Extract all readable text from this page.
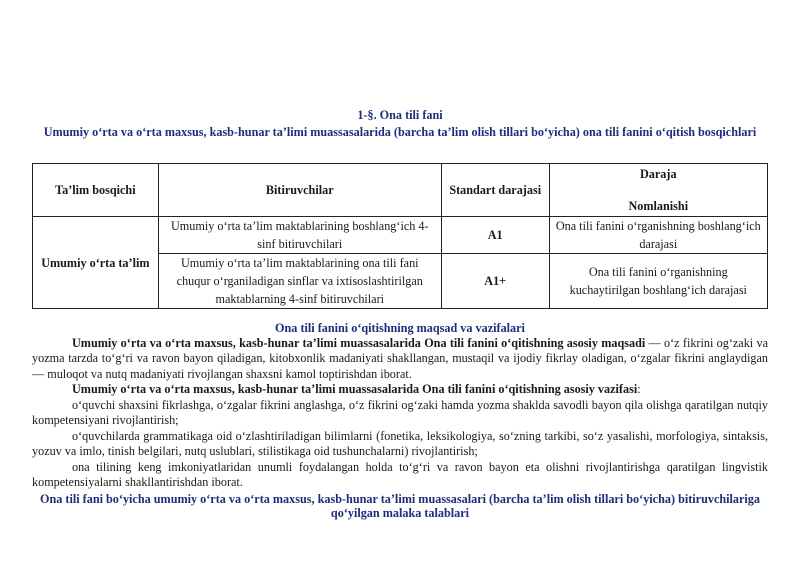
1-§. Ona tili fani
Umumiy o‘rta va o‘rta maxsus, kasb-hunar ta’limi muassasalarida (barcha ta’lim olish tillari bo‘yicha) ona tili fanini o‘qitish bosqichlari
Ta’lim bosqichi	Bitiruvchilar	Standart darajasi	Daraja
Nomlanishi

Umumiy o‘rta ta’lim	Umumiy o‘rta ta’lim maktablarining boshlang‘ich 4-sinf bitiruvchilari	A1	Ona tili fanini o‘rganishning boshlang‘ich darajasi
	Umumiy o‘rta ta’lim maktablarining ona tili fani chuqur o‘rganiladigan sinflar va ixtisoslashtirilgan maktablarning 4-sinf bitiruvchilari	A1+	Ona tili fanini o‘rganishning kuchaytirilgan boshlang‘ich darajasi
Ona tili fanini o‘qitishning maqsad va vazifalari

Umumiy o‘rta va o‘rta maxsus, kasb-hunar ta’limi muassasalarida Ona tili fanini o‘qitishning asosiy maqsadi — o‘z fikrini og‘zaki va yozma tarzda to‘g‘ri va ravon bayon qiladigan, kitobxonlik madaniyati shakllangan, mustaqil va ijodiy fikrlay oladigan, o‘zgalar fikrini anglaydigan — muloqot va nutq madaniyati rivojlangan shaxsni kamol toptirishdan iborat.

Umumiy o‘rta va o‘rta maxsus, kasb-hunar ta’limi muassasalarida Ona tili fanini o‘qitishning asosiy vazifasi:

o‘quvchi shaxsini fikrlashga, o‘zgalar fikrini anglashga, o‘z fikrini og‘zaki hamda yozma shaklda savodli bayon qila olishga qaratilgan nutqiy kompetensiyani rivojlantirish;

o‘quvchilarda grammatikaga oid o‘zlashtiriladigan bilimlarni (fonetika, leksikologiya, so‘zning tarkibi, so‘z yasalishi, morfologiya, sintaksis, yozuv va imlo, tinish belgilari, nutq uslublari, stilistikaga oid tushunchalarni) rivojlantirish;

ona tilining keng imkoniyatlaridan unumli foydalangan holda to‘g‘ri va ravon bayon eta olishni rivojlantirishga qaratilgan lingvistik kompetensiyalarni shakllantirishdan iborat.

Ona tili fani bo‘yicha umumiy o‘rta va o‘rta maxsus, kasb-hunar ta’limi muassasalari (barcha ta’lim olish tillari bo‘yicha) bitiruvchilariga qo‘yilgan malaka talablari
